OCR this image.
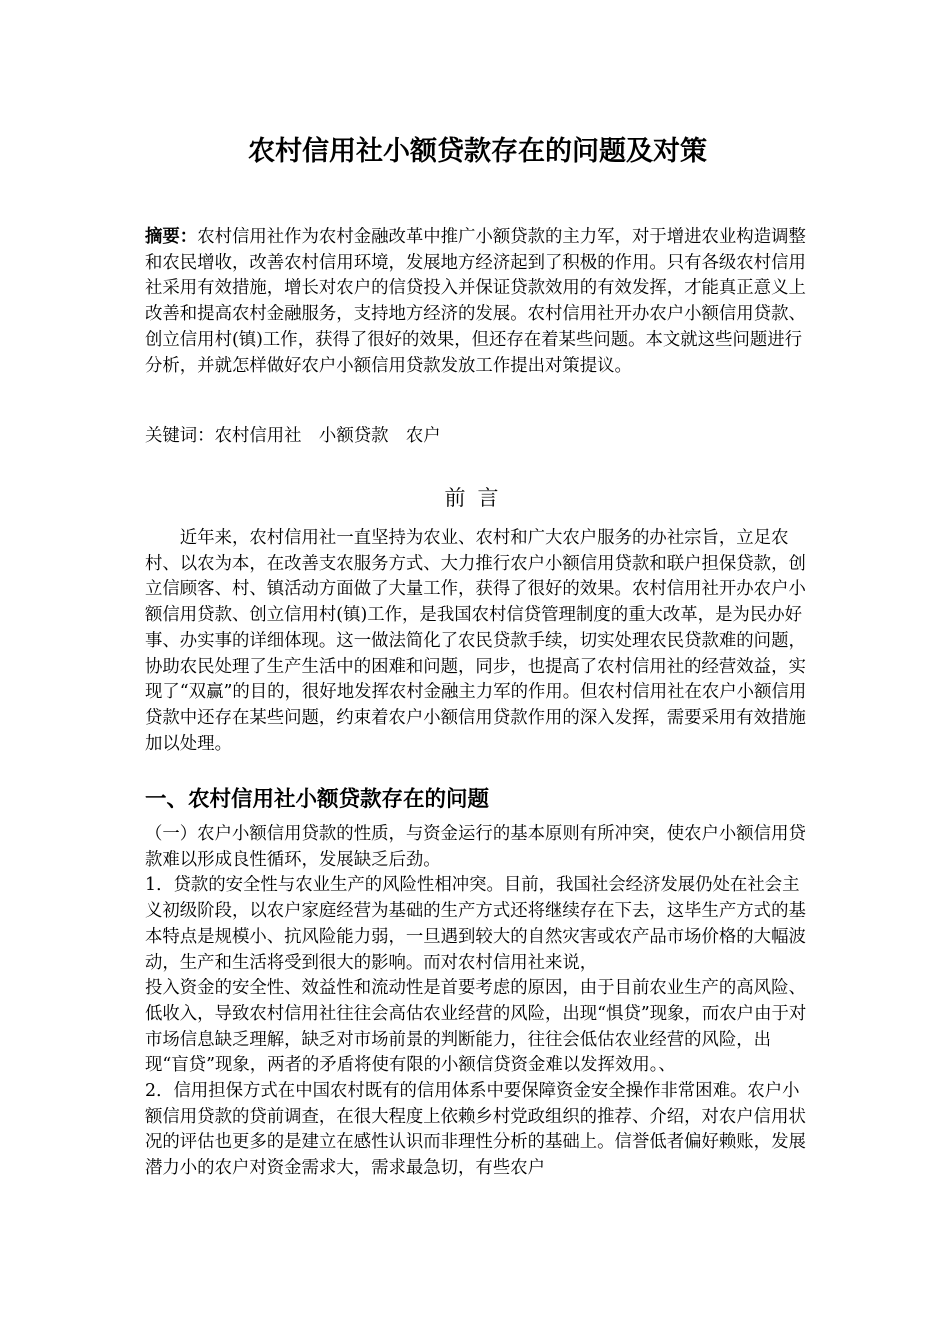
农村信用社小额贷款存在的问题及对策
摘要：农村信用社作为农村金融改革中推广小额贷款的主力军，对于增进农业构造调整和农民增收，改善农村信用环境，发展地方经济起到了积极的作用。只有各级农村信用社采用有效措施，增长对农户的信贷投入并保证贷款效用的有效发挥，才能真正意义上改善和提高农村金融服务，支持地方经济的发展。农村信用社开办农户小额信用贷款、创立信用村(镇)工作，获得了很好的效果，但还存在着某些问题。本文就这些问题进行分析，并就怎样做好农户小额信用贷款发放工作提出对策提议。
关键词：农村信用社　小额贷款　农户
前言
近年来，农村信用社一直坚持为农业、农村和广大农户服务的办社宗旨，立足农村、以农为本，在改善支农服务方式、大力推行农户小额信用贷款和联户担保贷款，创立信顾客、村、镇活动方面做了大量工作，获得了很好的效果。农村信用社开办农户小额信用贷款、创立信用村(镇)工作，是我国农村信贷管理制度的重大改革，是为民办好事、办实事的详细体现。这一做法简化了农民贷款手续，切实处理农民贷款难的问题，协助农民处理了生产生活中的困难和问题，同步，也提高了农村信用社的经营效益，实现了“双赢”的目的，很好地发挥农村金融主力军的作用。但农村信用社在农户小额信用贷款中还存在某些问题，约束着农户小额信用贷款作用的深入发挥，需要采用有效措施加以处理。
一、农村信用社小额贷款存在的问题

（一）农户小额信用贷款的性质，与资金运行的基本原则有所冲突，使农户小额信用贷款难以形成良性循环，发展缺乏后劲。

1．贷款的安全性与农业生产的风险性相冲突。目前，我国社会经济发展仍处在社会主义初级阶段，以农户家庭经营为基础的生产方式还将继续存在下去，这毕生产方式的基本特点是规模小、抗风险能力弱，一旦遇到较大的自然灾害或农产品市场价格的大幅波动，生产和生活将受到很大的影响。而对农村信用社来说，

投入资金的安全性、效益性和流动性是首要考虑的原因，由于目前农业生产的高风险、低收入，导致农村信用社往往会高估农业经营的风险，出现“惧贷”现象，而农户由于对市场信息缺乏理解，缺乏对市场前景的判断能力，往往会低估农业经营的风险，出现“盲贷”现象，两者的矛盾将使有限的小额信贷资金难以发挥效用。、

2．信用担保方式在中国农村既有的信用体系中要保障资金安全操作非常困难。农户小额信用贷款的贷前调查，在很大程度上依赖乡村党政组织的推荐、介绍，对农户信用状况的评估也更多的是建立在感性认识而非理性分析的基础上。信誉低者偏好赖账，发展潜力小的农户对资金需求大，需求最急切，有些农户
